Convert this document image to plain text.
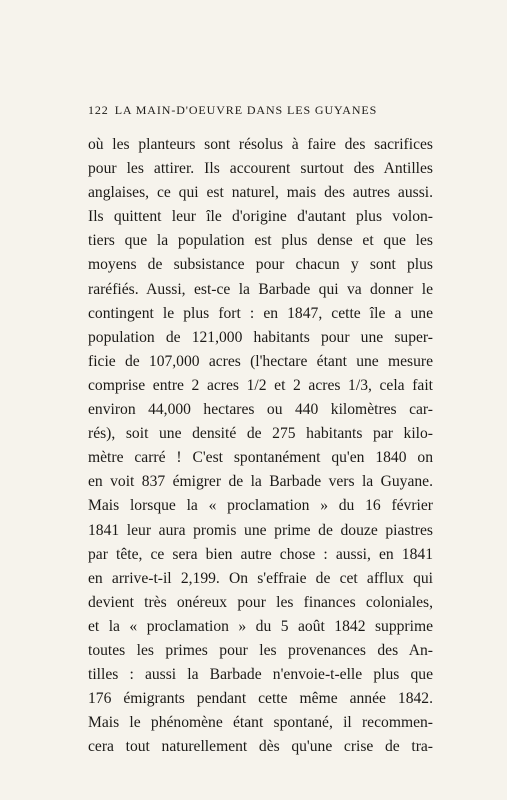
122 LA MAIN-D'OEUVRE DANS LES GUYANES
où les planteurs sont résolus à faire des sacrifices
pour les attirer. Ils accourent surtout des Antilles
anglaises, ce qui est naturel, mais des autres aussi.
Ils quittent leur île d'origine d'autant plus volon-
tiers que la population est plus dense et que les
moyens de subsistance pour chacun y sont plus
raréfiés. Aussi, est-ce la Barbade qui va donner le
contingent le plus fort : en 1847, cette île a une
population de 121,000 habitants pour une super-
ficie de 107,000 acres (l'hectare étant une mesure
comprise entre 2 acres 1/2 et 2 acres 1/3, cela fait
environ 44,000 hectares ou 440 kilomètres car-
rés), soit une densité de 275 habitants par kilo-
mètre carré ! C'est spontanément qu'en 1840 on
en voit 837 émigrer de la Barbade vers la Guyane.
Mais lorsque la « proclamation » du 16 février
1841 leur aura promis une prime de douze piastres
par tête, ce sera bien autre chose : aussi, en 1841
en arrive-t-il 2,199. On s'effraie de cet afflux qui
devient très onéreux pour les finances coloniales,
et la « proclamation » du 5 août 1842 supprime
toutes les primes pour les provenances des An-
tilles : aussi la Barbade n'envoie-t-elle plus que
176 émigrants pendant cette même année 1842.
Mais le phénomène étant spontané, il recommen-
cera tout naturellement dès qu'une crise de tra-
